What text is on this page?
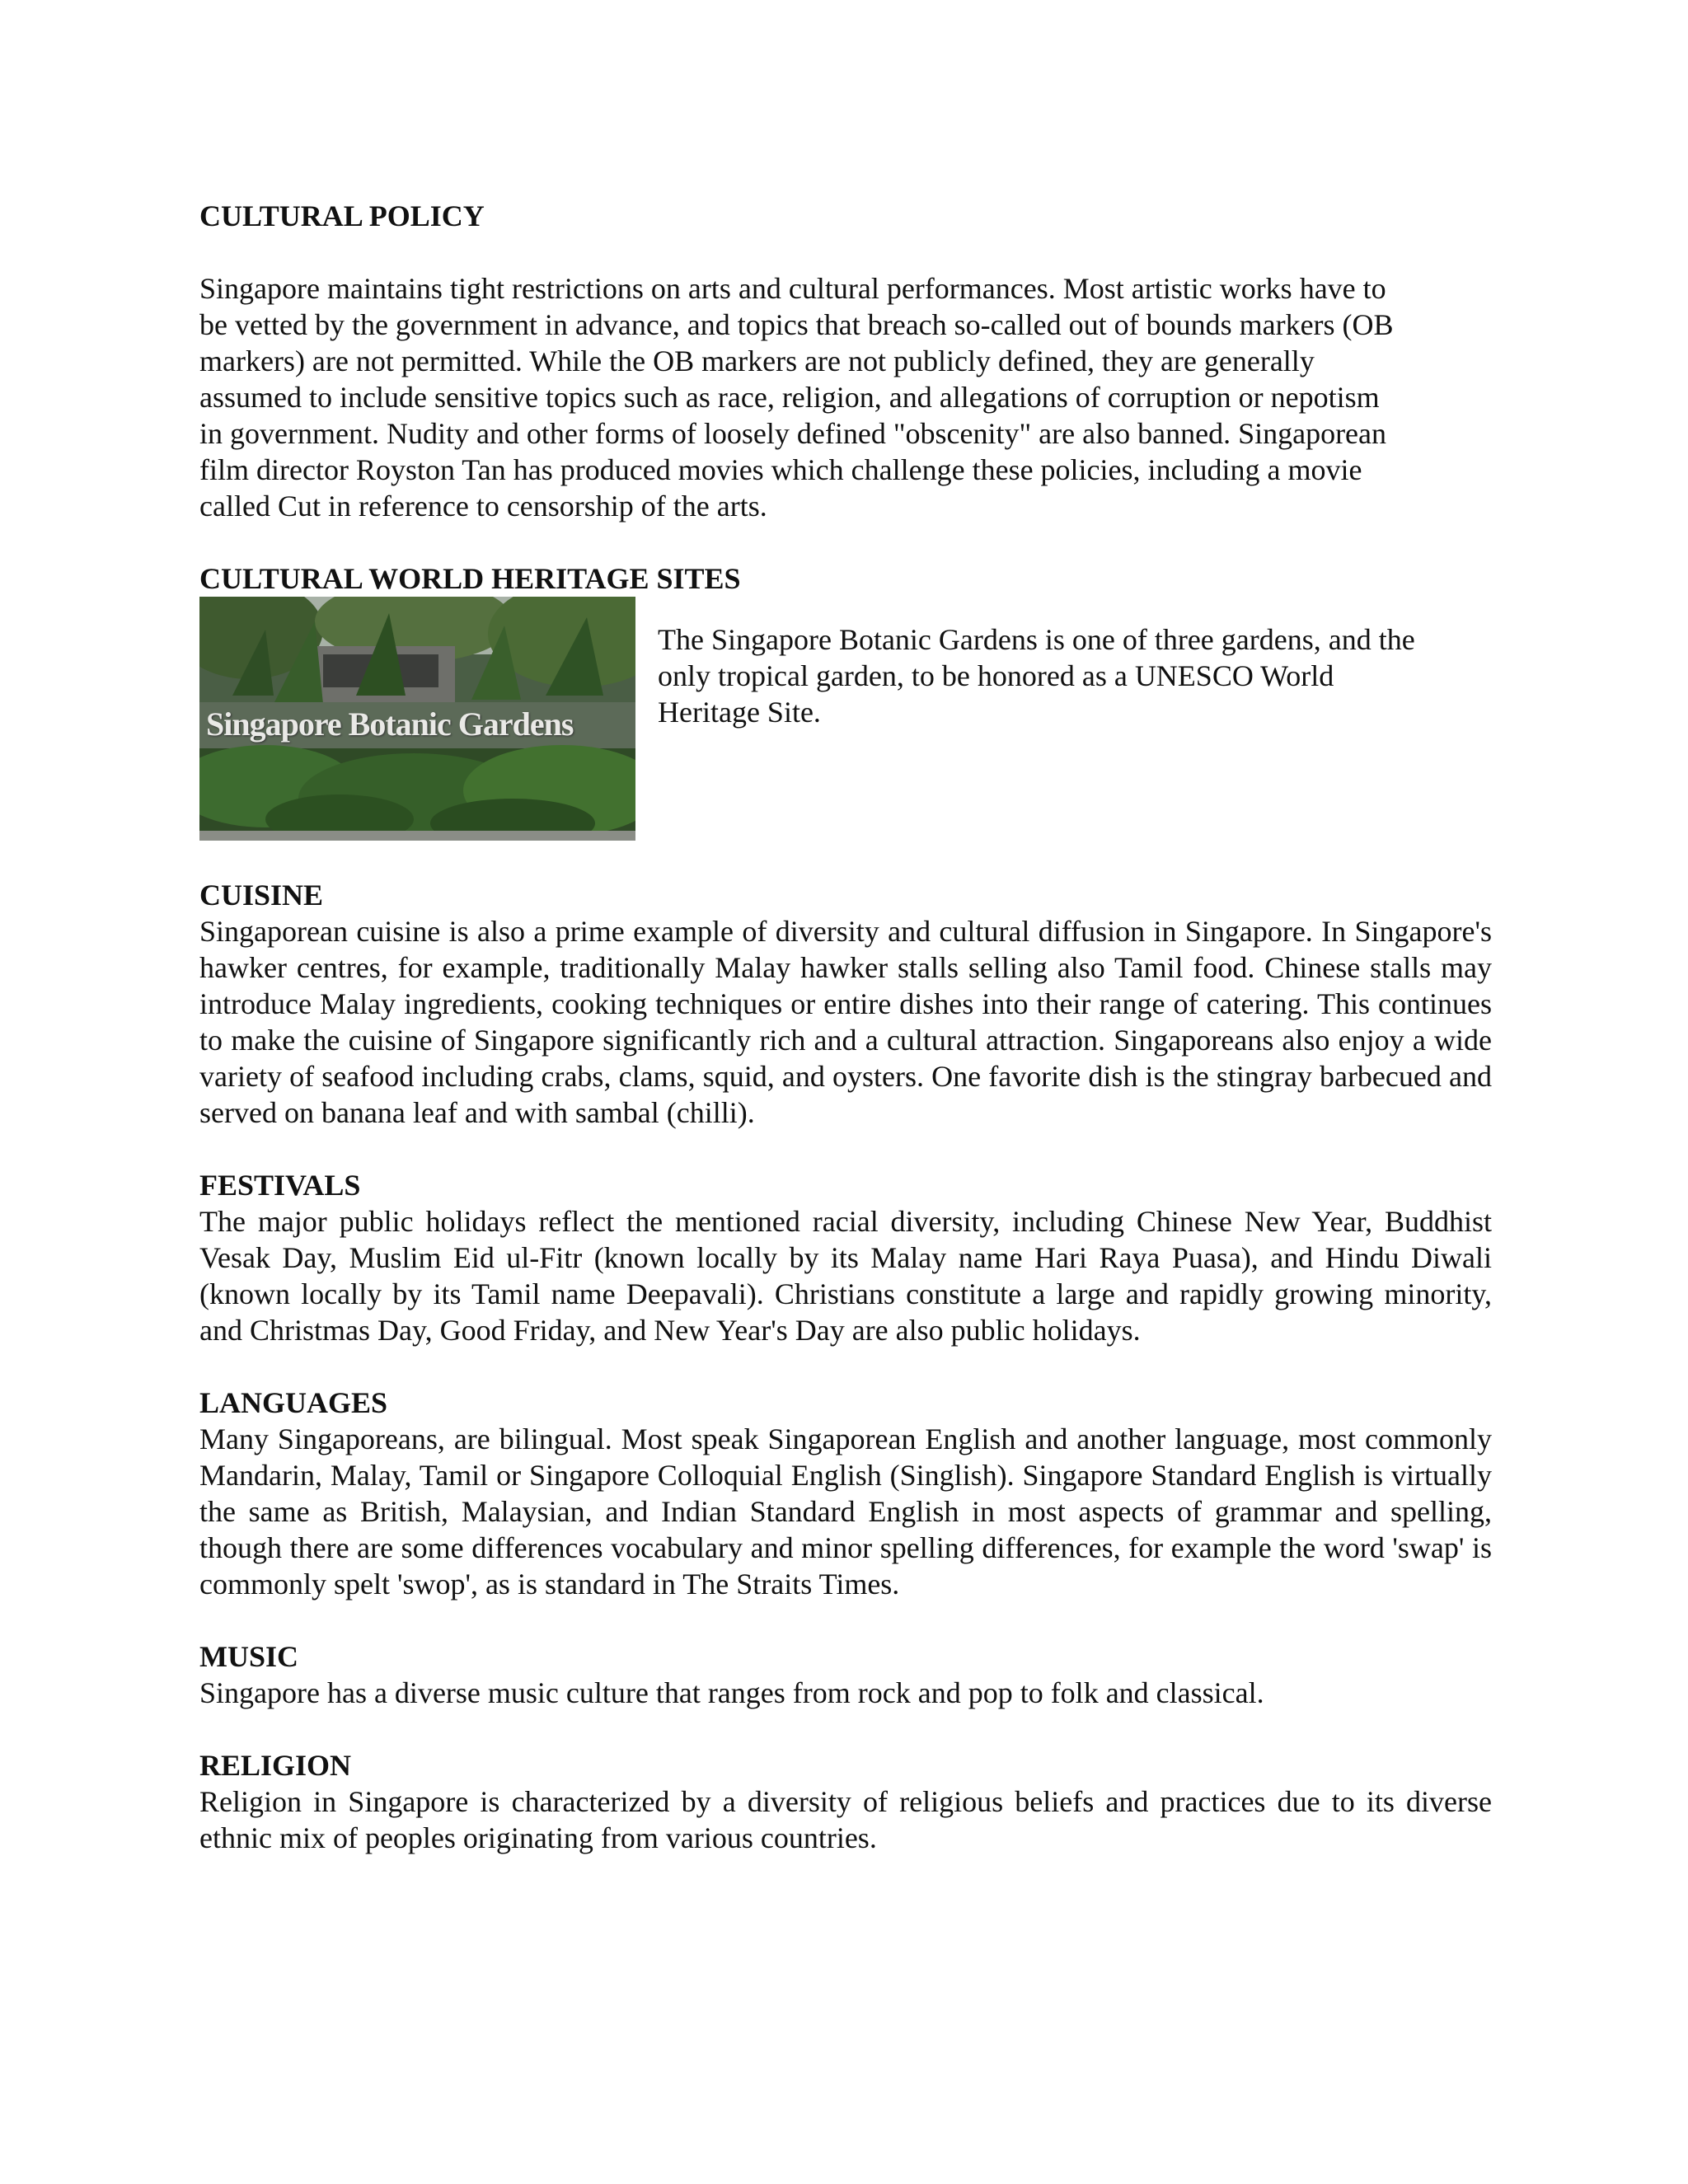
CULTURAL POLICY

Singapore maintains tight restrictions on arts and cultural performances. Most artistic works have to
be vetted by the government in advance, and topics that breach so-called out of bounds markers (OB
markers) are not permitted. While the OB markers are not publicly defined, they are generally
assumed to include sensitive topics such as race, religion, and allegations of corruption or nepotism
in government. Nudity and other forms of loosely defined "obscenity" are also banned. Singaporean
film director Royston Tan has produced movies which challenge these policies, including a movie
called Cut in reference to censorship of the arts.

CULTURAL WORLD HERITAGE SITES
Singapore Botanic Gardens

The Singapore Botanic Gardens is one of three gardens, and the
only tropical garden, to be honored as a UNESCO World
Heritage Site.

CUISINE

Singaporean cuisine is also a prime example of diversity and cultural diffusion in Singapore. In Singapore's hawker centres, for example, traditionally Malay hawker stalls selling also Tamil food. Chinese stalls may introduce Malay ingredients, cooking techniques or entire dishes into their range of catering. This continues to make the cuisine of Singapore significantly rich and a cultural attraction. Singaporeans also enjoy a wide variety of seafood including crabs, clams, squid, and oysters. One favorite dish is the stingray barbecued and served on banana leaf and with sambal (chilli).

FESTIVALS

The major public holidays reflect the mentioned racial diversity, including Chinese New Year, Buddhist Vesak Day, Muslim Eid ul-Fitr (known locally by its Malay name Hari Raya Puasa), and Hindu Diwali (known locally by its Tamil name Deepavali). Christians constitute a large and rapidly growing minority, and Christmas Day, Good Friday, and New Year's Day are also public holidays.

LANGUAGES

Many Singaporeans, are bilingual. Most speak Singaporean English and another language, most commonly Mandarin, Malay, Tamil or Singapore Colloquial English (Singlish). Singapore Standard English is virtually the same as British, Malaysian, and Indian Standard English in most aspects of grammar and spelling, though there are some differences vocabulary and minor spelling differences, for example the word 'swap' is commonly spelt 'swop', as is standard in The Straits Times.

MUSIC

Singapore has a diverse music culture that ranges from rock and pop to folk and classical.

RELIGION

Religion in Singapore is characterized by a diversity of religious beliefs and practices due to its diverse ethnic mix of peoples originating from various countries.
